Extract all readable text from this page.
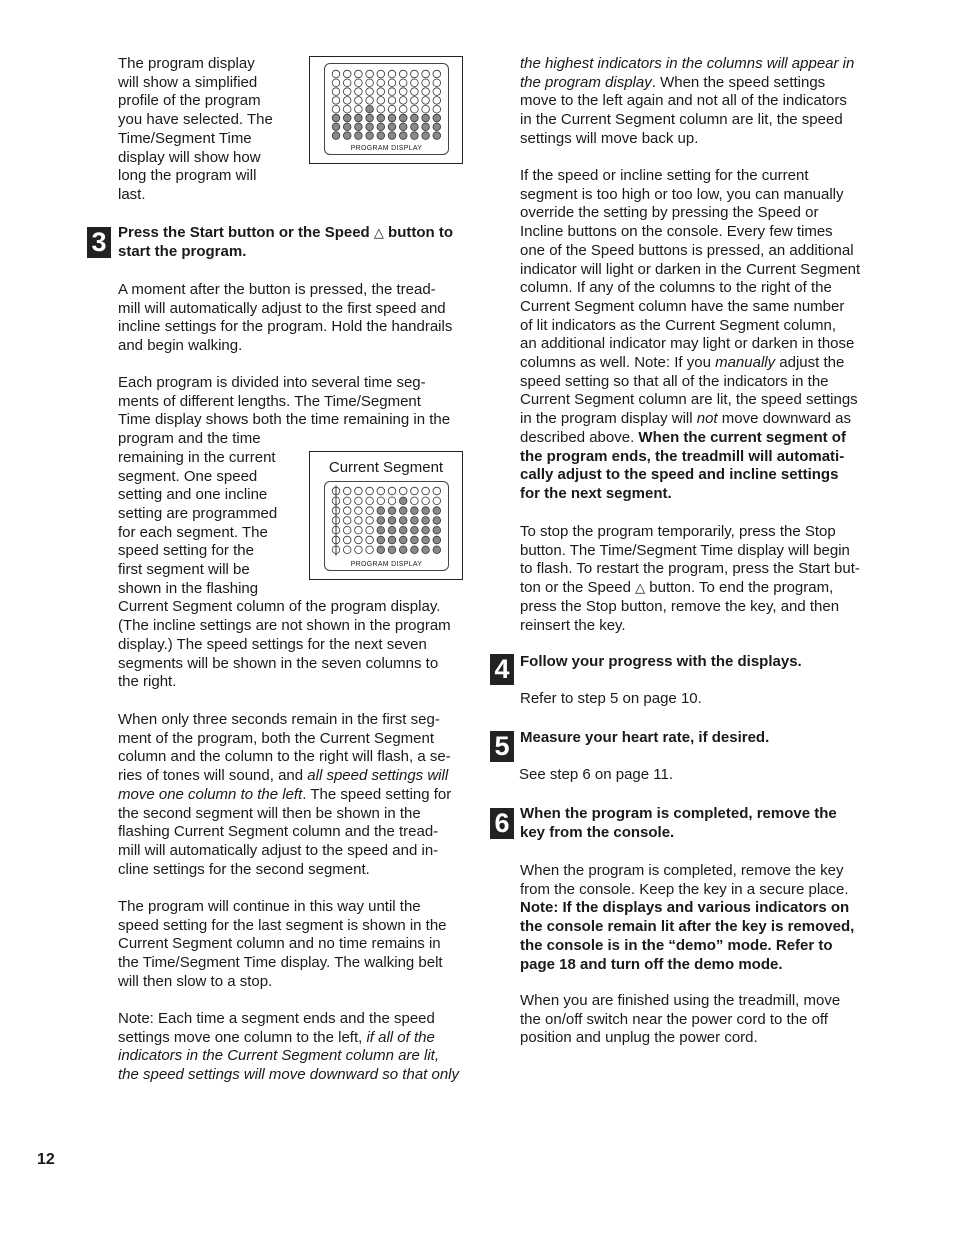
The program display
will show a simplified
profile of the program
you have selected. The
Time/Segment Time
display will show how
long the program will
last.
PROGRAM DISPLAY
3 Press the Start button or the Speed △ button to
start the program.
A moment after the button is pressed, the tread-
mill will automatically adjust to the first speed and
incline settings for the program. Hold the handrails
and begin walking.
Each program is divided into several time seg-
ments of different lengths. The Time/Segment
Time display shows both the time remaining in the
program and the time
remaining in the current
segment. One speed
setting and one incline
setting are programmed
for each segment. The
speed setting for the
first segment will be
shown in the flashing
Current Segment column of the program display.
(The incline settings are not shown in the program
display.) The speed settings for the next seven
segments will be shown in the seven columns to
the right.
Current Segment
PROGRAM DISPLAY
When only three seconds remain in the first seg-
ment of the program, both the Current Segment
column and the column to the right will flash, a se-
ries of tones will sound, and all speed settings will
move one column to the left. The speed setting for
the second segment will then be shown in the
flashing Current Segment column and the tread-
mill will automatically adjust to the speed and in-
cline settings for the second segment.
The program will continue in this way until the
speed setting for the last segment is shown in the
Current Segment column and no time remains in
the Time/Segment Time display. The walking belt
will then slow to a stop.
Note: Each time a segment ends and the speed
settings move one column to the left, if all of the
indicators in the Current Segment column are lit,
the speed settings will move downward so that only
the highest indicators in the columns will appear in
the program display. When the speed settings
move to the left again and not all of the indicators
in the Current Segment column are lit, the speed
settings will move back up.
If the speed or incline setting for the current
segment is too high or too low, you can manually
override the setting by pressing the Speed or
Incline buttons on the console. Every few times
one of the Speed buttons is pressed, an additional
indicator will light or darken in the Current Segment
column. If any of the columns to the right of the
Current Segment column have the same number
of lit indicators as the Current Segment column,
an additional indicator may light or darken in those
columns as well. Note: If you manually adjust the
speed setting so that all of the indicators in the
Current Segment column are lit, the speed settings
in the program display will not move downward as
described above. When the current segment of
the program ends, the treadmill will automati-
cally adjust to the speed and incline settings
for the next segment.
To stop the program temporarily, press the Stop
button. The Time/Segment Time display will begin
to flash. To restart the program, press the Start but-
ton or the Speed △ button. To end the program,
press the Stop button, remove the key, and then
reinsert the key.
4 Follow your progress with the displays.
Refer to step 5 on page 10.
5 Measure your heart rate, if desired.
See step 6 on page 11.
6 When the program is completed, remove the
key from the console.
When the program is completed, remove the key
from the console. Keep the key in a secure place.
Note: If the displays and various indicators on
the console remain lit after the key is removed,
the console is in the “demo” mode. Refer to
page 18 and turn off the demo mode.
When you are finished using the treadmill, move
the on/off switch near the power cord to the off
position and unplug the power cord.
12
